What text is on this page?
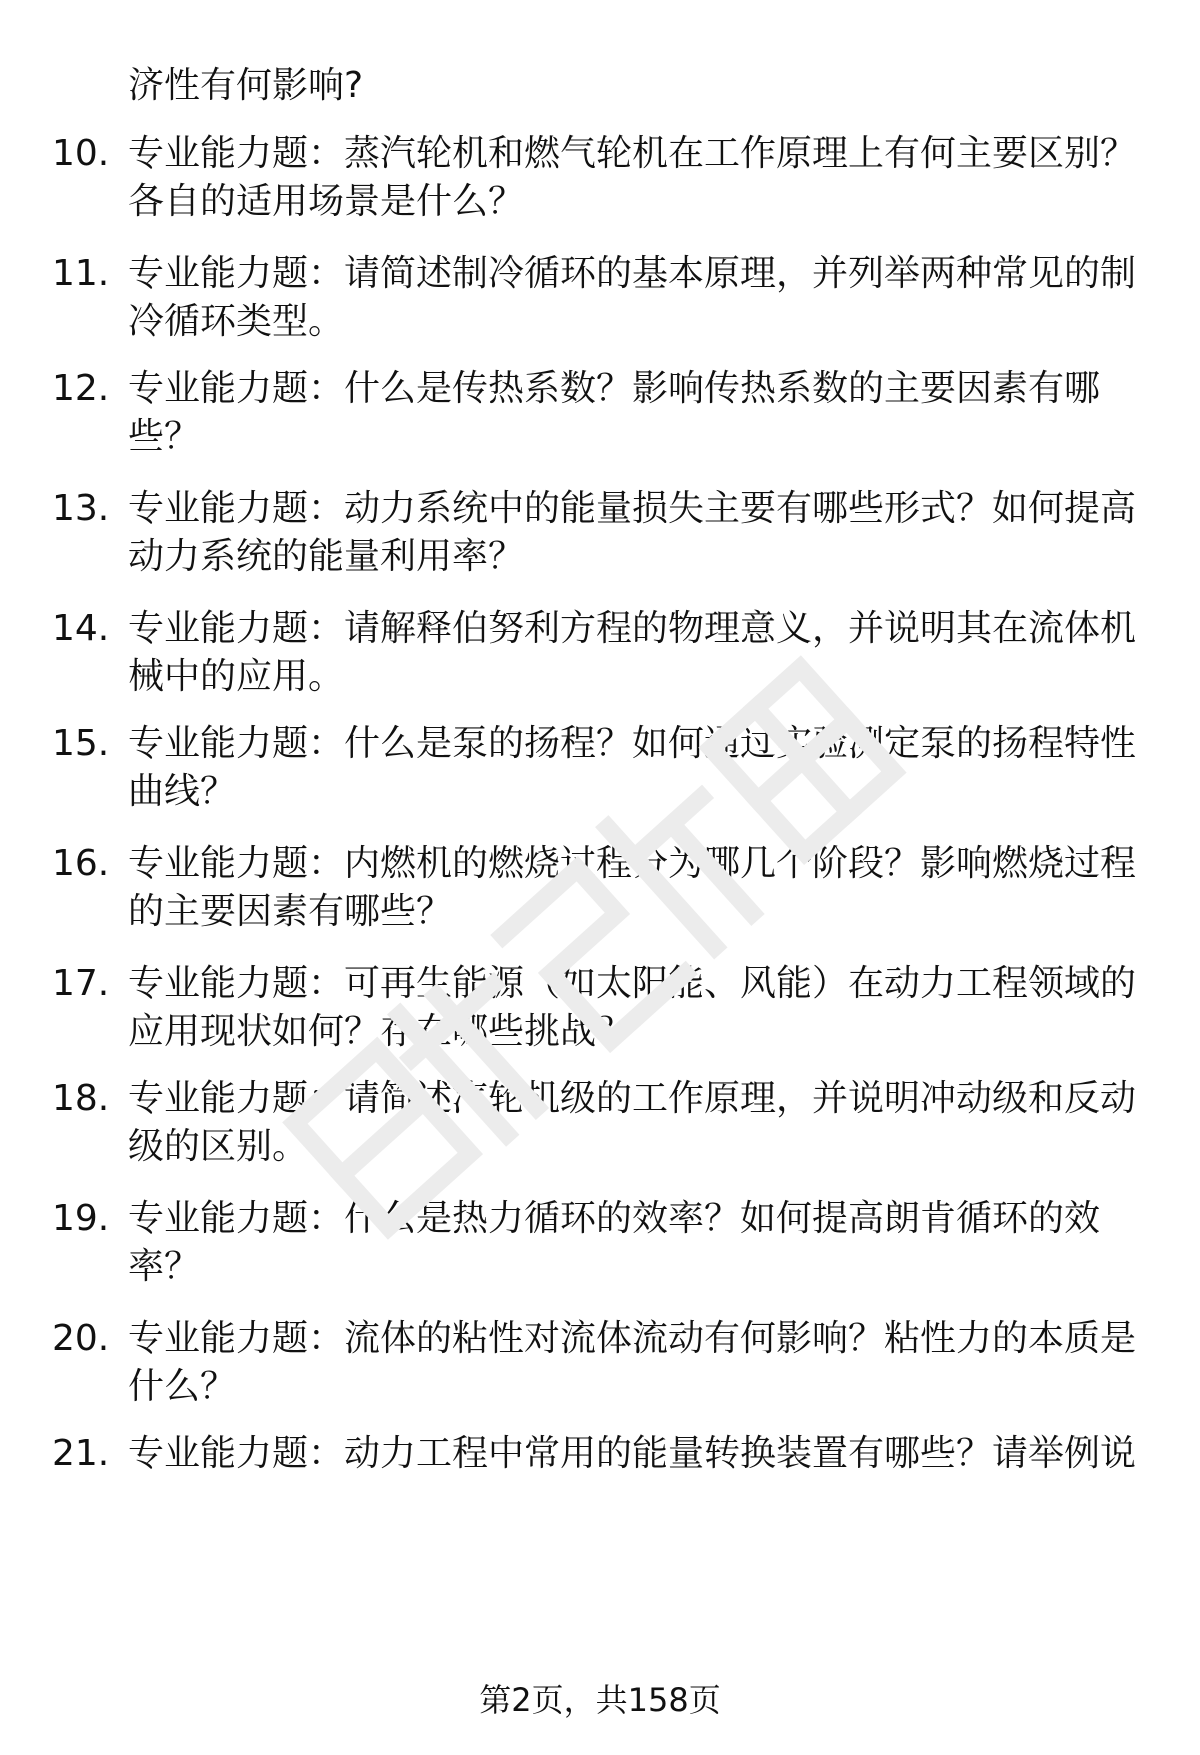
济性有何影响?
10. 专业能力题：蒸汽轮机和燃气轮机在工作原理上有何主要区别？各自的适用场景是什么？
11. 专业能力题：请简述制冷循环的基本原理，并列举两种常见的制冷循环类型。
12. 专业能力题：什么是传热系数？影响传热系数的主要因素有哪些？
13. 专业能力题：动力系统中的能量损失主要有哪些形式？如何提高动力系统的能量利用率？
14. 专业能力题：请解释伯努利方程的物理意义，并说明其在流体机械中的应用。
15. 专业能力题：什么是泵的扬程？如何通过实验测定泵的扬程特性曲线？
16. 专业能力题：内燃机的燃烧过程分为哪几个阶段？影响燃烧过程的主要因素有哪些？
17. 专业能力题：可再生能源（如太阳能、风能）在动力工程领域的应用现状如何？存在哪些挑战？
18. 专业能力题：请简述汽轮机级的工作原理，并说明冲动级和反动级的区别。
19. 专业能力题：什么是热力循环的效率？如何提高朗肯循环的效率？
20. 专业能力题：流体的粘性对流体流动有何影响？粘性力的本质是什么？
21. 专业能力题：动力工程中常用的能量转换装置有哪些？请举例说
第2页，共158页
